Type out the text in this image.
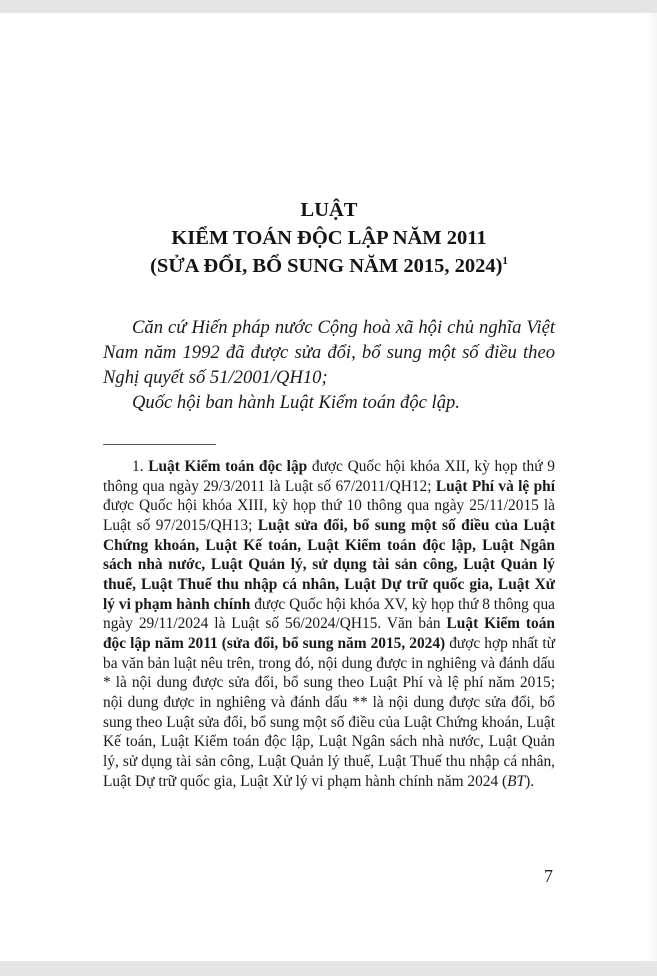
LUẬT
KIỂM TOÁN ĐỘC LẬP NĂM 2011
(SỬA ĐỔI, BỔ SUNG NĂM 2015, 2024)$^1$

Căn cứ Hiến pháp nước Cộng hoà xã hội chủ nghĩa Việt Nam năm 1992 đã được sửa đổi, bổ sung một số điều theo Nghị quyết số 51/2001/QH10;

Quốc hội ban hành Luật Kiểm toán độc lập.

1. Luật Kiểm toán độc lập được Quốc hội khóa XII, kỳ họp thứ 9 thông qua ngày 29/3/2011 là Luật số 67/2011/QH12; Luật Phí và lệ phí được Quốc hội khóa XIII, kỳ họp thứ 10 thông qua ngày 25/11/2015 là Luật số 97/2015/QH13; Luật sửa đổi, bổ sung một số điều của Luật Chứng khoán, Luật Kế toán, Luật Kiểm toán độc lập, Luật Ngân sách nhà nước, Luật Quản lý, sử dụng tài sản công, Luật Quản lý thuế, Luật Thuế thu nhập cá nhân, Luật Dự trữ quốc gia, Luật Xử lý vi phạm hành chính được Quốc hội khóa XV, kỳ họp thứ 8 thông qua ngày 29/11/2024 là Luật số 56/2024/QH15. Văn bản Luật Kiểm toán độc lập năm 2011 (sửa đổi, bổ sung năm 2015, 2024) được hợp nhất từ ba văn bản luật nêu trên, trong đó, nội dung được in nghiêng và đánh dấu * là nội dung được sửa đổi, bổ sung theo Luật Phí và lệ phí năm 2015; nội dung được in nghiêng và đánh dấu ** là nội dung được sửa đổi, bổ sung theo Luật sửa đổi, bổ sung một số điều của Luật Chứng khoán, Luật Kế toán, Luật Kiểm toán độc lập, Luật Ngân sách nhà nước, Luật Quản lý, sử dụng tài sản công, Luật Quản lý thuế, Luật Thuế thu nhập cá nhân, Luật Dự trữ quốc gia, Luật Xử lý vi phạm hành chính năm 2024 (BT).

7
